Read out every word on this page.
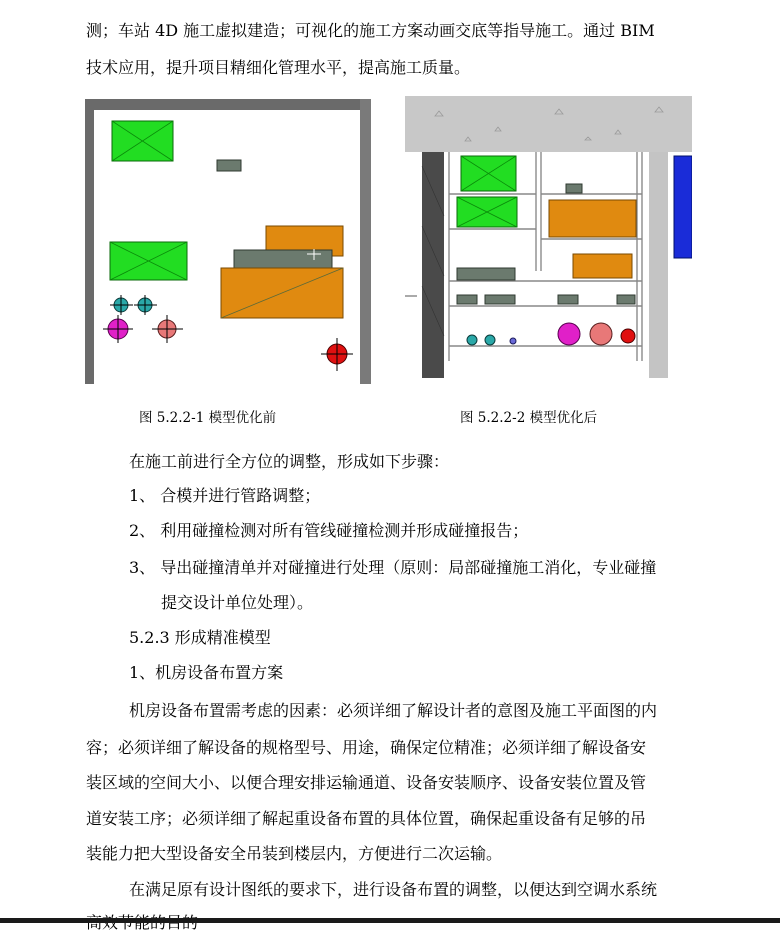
测；车站 4D 施工虚拟建造；可视化的施工方案动画交底等指导施工。通过 BIM
技术应用，提升项目精细化管理水平，提高施工质量。
图 5.2.2-1 模型优化前	图 5.2.2-2 模型优化后
在施工前进行全方位的调整，形成如下步骤：
1、 合模并进行管路调整；
2、 利用碰撞检测对所有管线碰撞检测并形成碰撞报告；
3、 导出碰撞清单并对碰撞进行处理（原则：局部碰撞施工消化，专业碰撞
提交设计单位处理）。
5.2.3 形成精准模型
1、机房设备布置方案
机房设备布置需考虑的因素：必须详细了解设计者的意图及施工平面图的内
容；必须详细了解设备的规格型号、用途，确保定位精准；必须详细了解设备安
装区域的空间大小、以便合理安排运输通道、设备安装顺序、设备安装位置及管
道安装工序；必须详细了解起重设备布置的具体位置，确保起重设备有足够的吊
装能力把大型设备安全吊装到楼层内，方便进行二次运输。
在满足原有设计图纸的要求下，进行设备布置的调整，以便达到空调水系统
